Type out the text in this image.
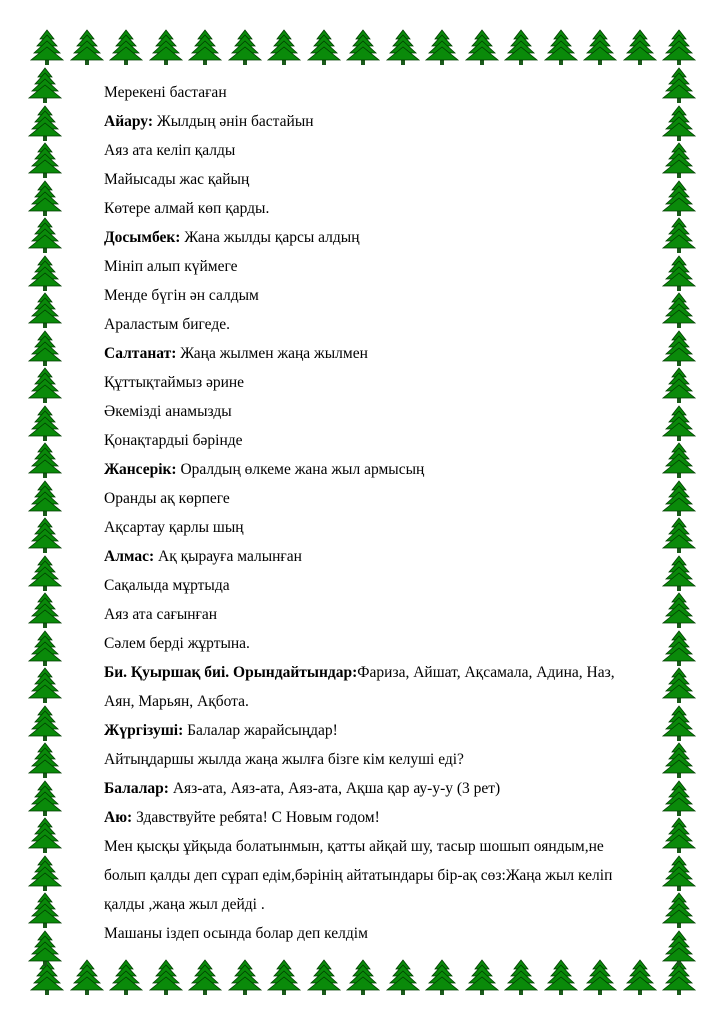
Мерекені бастаған
Айару: Жылдың әнін бастайын
Аяз ата келіп қалды
Майысады жас қайың
Көтере алмай көп қарды.
Досымбек: Жана жылды қарсы алдың
Мініп алып күймеге
Менде бүгін ән салдым
Араластым бигеде.
Салтанат: Жаңа жылмен жаңа жылмен
Құттықтаймыз әрине
Әкемізді анамызды
Қонақтардыі бәрінде
Жансерік: Оралдың өлкеме жана жыл армысың
Оранды ақ көрпеге
Ақсартау қарлы шың
Алмас: Ақ қырауға малынған
Сақалыда мұртыда
Аяз ата сағынған
Сәлем берді жұртына.
Би. Қуыршақ биі. Орындайтындар:Фариза, Айшат, Ақсамала, Адина, Наз,
Аян, Марьян, Ақбота.
Жүргізуші: Балалар жарайсыңдар!
Айтыңдаршы жылда жаңа жылға бізге кім келуші еді?
Балалар: Аяз-ата, Аяз-ата, Аяз-ата, Ақша қар ау-у-у (3 рет)
Аю: Здавствуйте ребята! С Новым годом!
Мен қысқы ұйқыда болатынмын, қатты айқай шу, тасыр шошып ояндым,не
болып қалды деп сұрап едім,бәрінің айтатындары бір-ақ сөз:Жаңа жыл келіп
қалды ,жаңа жыл дейді .
Машаны іздеп осында болар деп келдім
